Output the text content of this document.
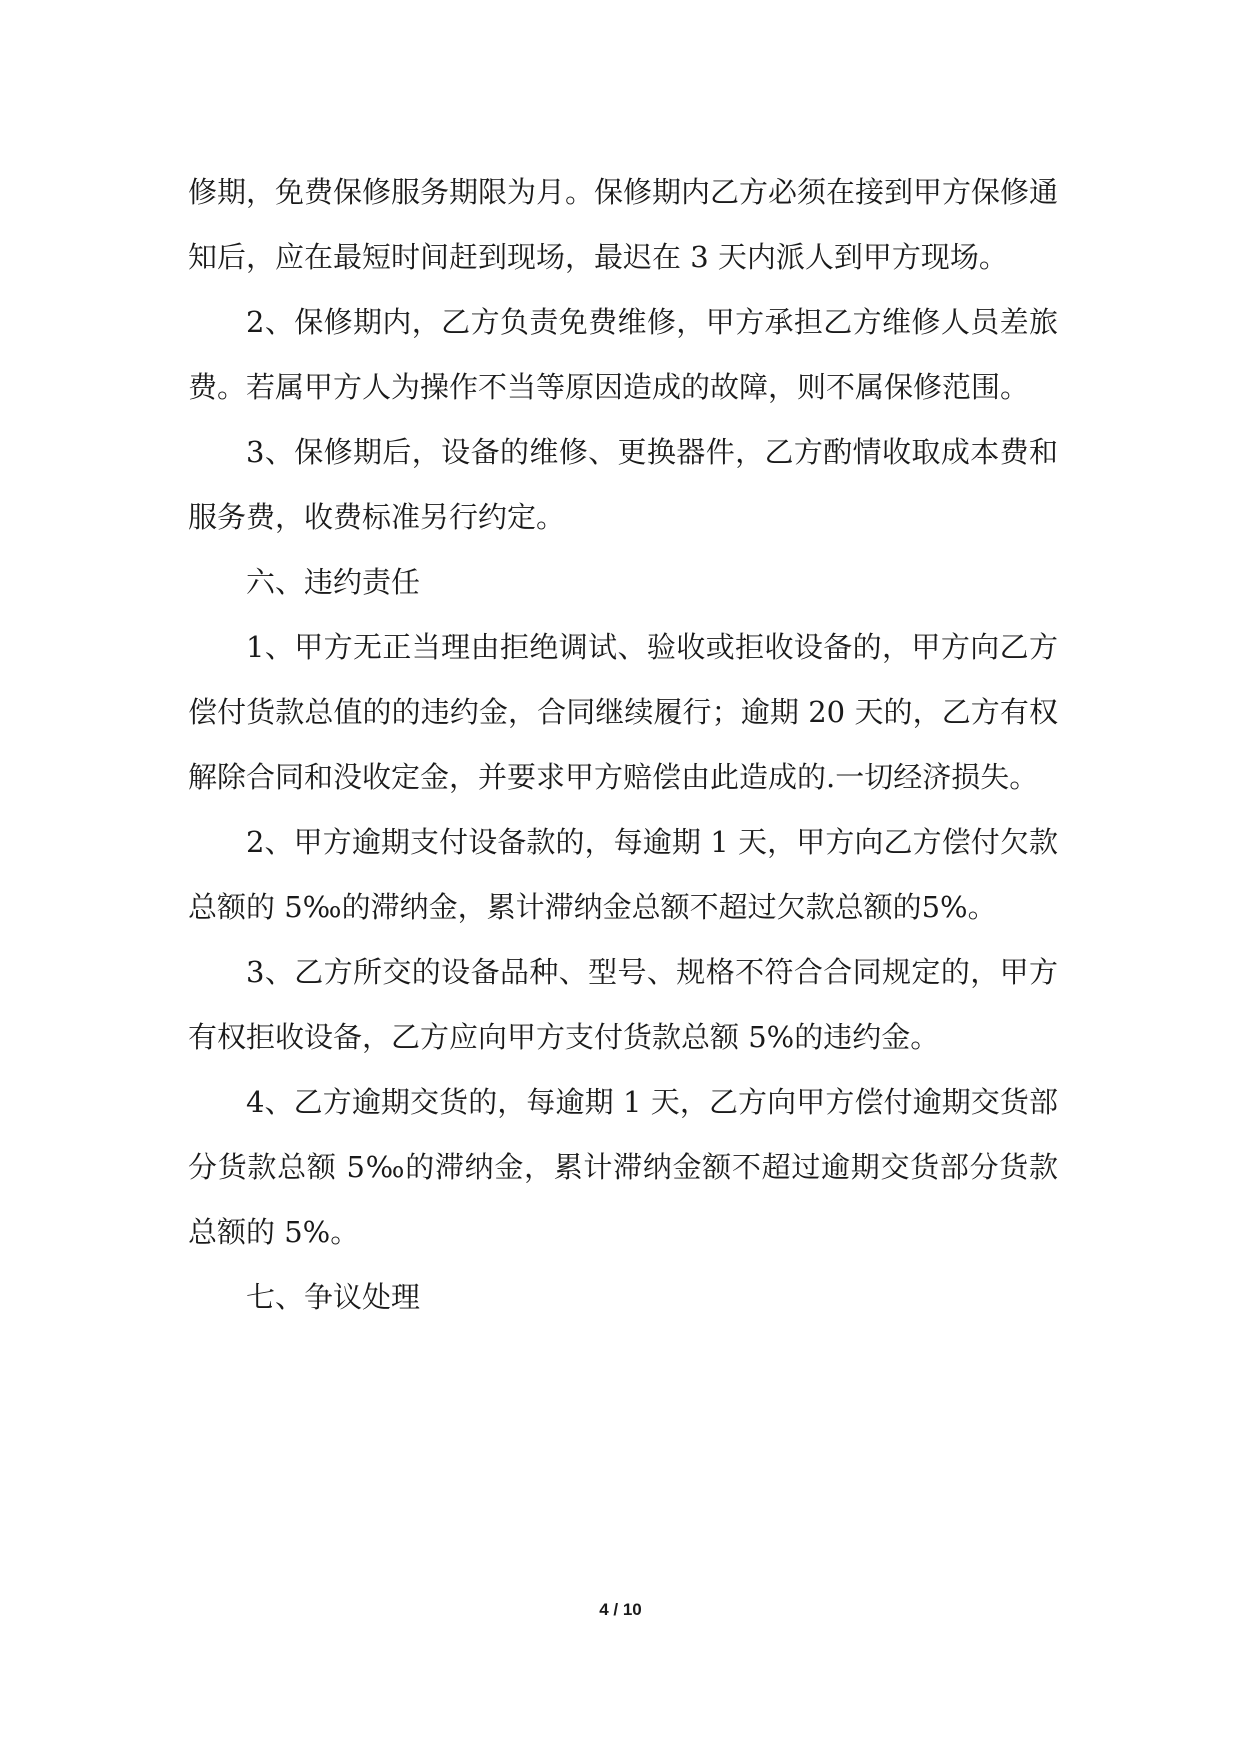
修期，免费保修服务期限为月。保修期内乙方必须在接到甲方保修通知后，应在最短时间赶到现场，最迟在 3 天内派人到甲方现场。

2、保修期内，乙方负责免费维修，甲方承担乙方维修人员差旅费。若属甲方人为操作不当等原因造成的故障，则不属保修范围。

3、保修期后，设备的维修、更换器件，乙方酌情收取成本费和服务费，收费标准另行约定。

六、违约责任

1、甲方无正当理由拒绝调试、验收或拒收设备的，甲方向乙方偿付货款总值的的违约金，合同继续履行；逾期 20 天的，乙方有权解除合同和没收定金，并要求甲方赔偿由此造成的.一切经济损失。

2、甲方逾期支付设备款的，每逾期 1 天，甲方向乙方偿付欠款总额的 5‰的滞纳金，累计滞纳金总额不超过欠款总额的5%。

3、乙方所交的设备品种、型号、规格不符合合同规定的，甲方有权拒收设备，乙方应向甲方支付货款总额 5%的违约金。

4、乙方逾期交货的，每逾期 1 天，乙方向甲方偿付逾期交货部分货款总额 5‰的滞纳金，累计滞纳金额不超过逾期交货部分货款总额的 5%。

七、争议处理

4 / 10
